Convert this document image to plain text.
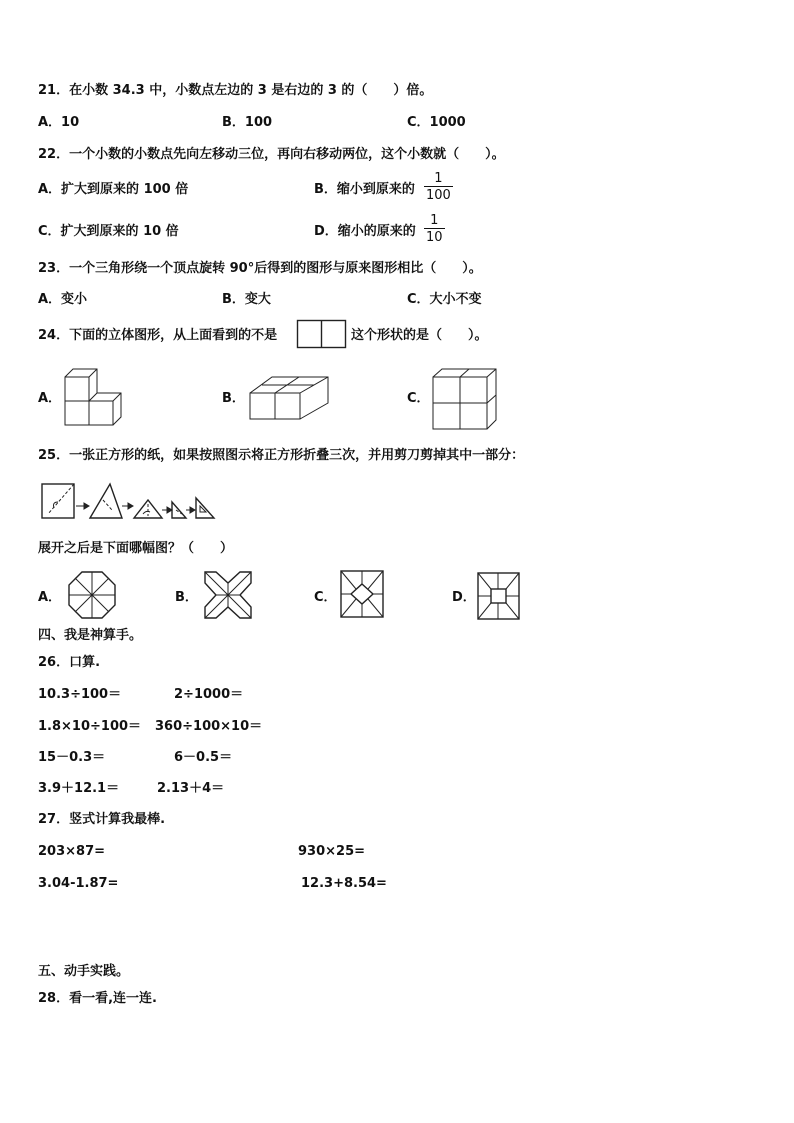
21．在小数 34.3 中，小数点左边的 3 是右边的 3 的（　　）倍。
A．10	B．100	C．1000
22．一个小数的小数点先向左移动三位，再向右移动两位，这个小数就（　　）。
A．扩大到原来的 100 倍	B．缩小到原来的 $\frac{1}{100}$
C．扩大到原来的 10 倍	D．缩小的原来的 $\frac{1}{10}$
23．一个三角形绕一个顶点旋转 90°后得到的图形与原来图形相比（　　）。
A．变小	B．变大	C．大小不变
24．下面的立体图形，从上面看到的不是	这个形状的是（　　）。
A．	B．	C．
25．一张正方形的纸，如果按照图示将正方形折叠三次，并用剪刀剪掉其中一部分：
展开之后是下面哪幅图？（　　）
A．	B．	C．	D．
四、我是神算手。
26．口算.
10.3÷100＝	2÷1000＝
1.8×10÷100＝ 360÷100×10＝
15－0.3＝	6－0.5＝
3.9＋12.1＝	2.13＋4＝
27．竖式计算我最棒.
203×87=	930×25=
3.04-1.87=	12.3+8.54=
五、动手实践。
28．看一看,连一连.
